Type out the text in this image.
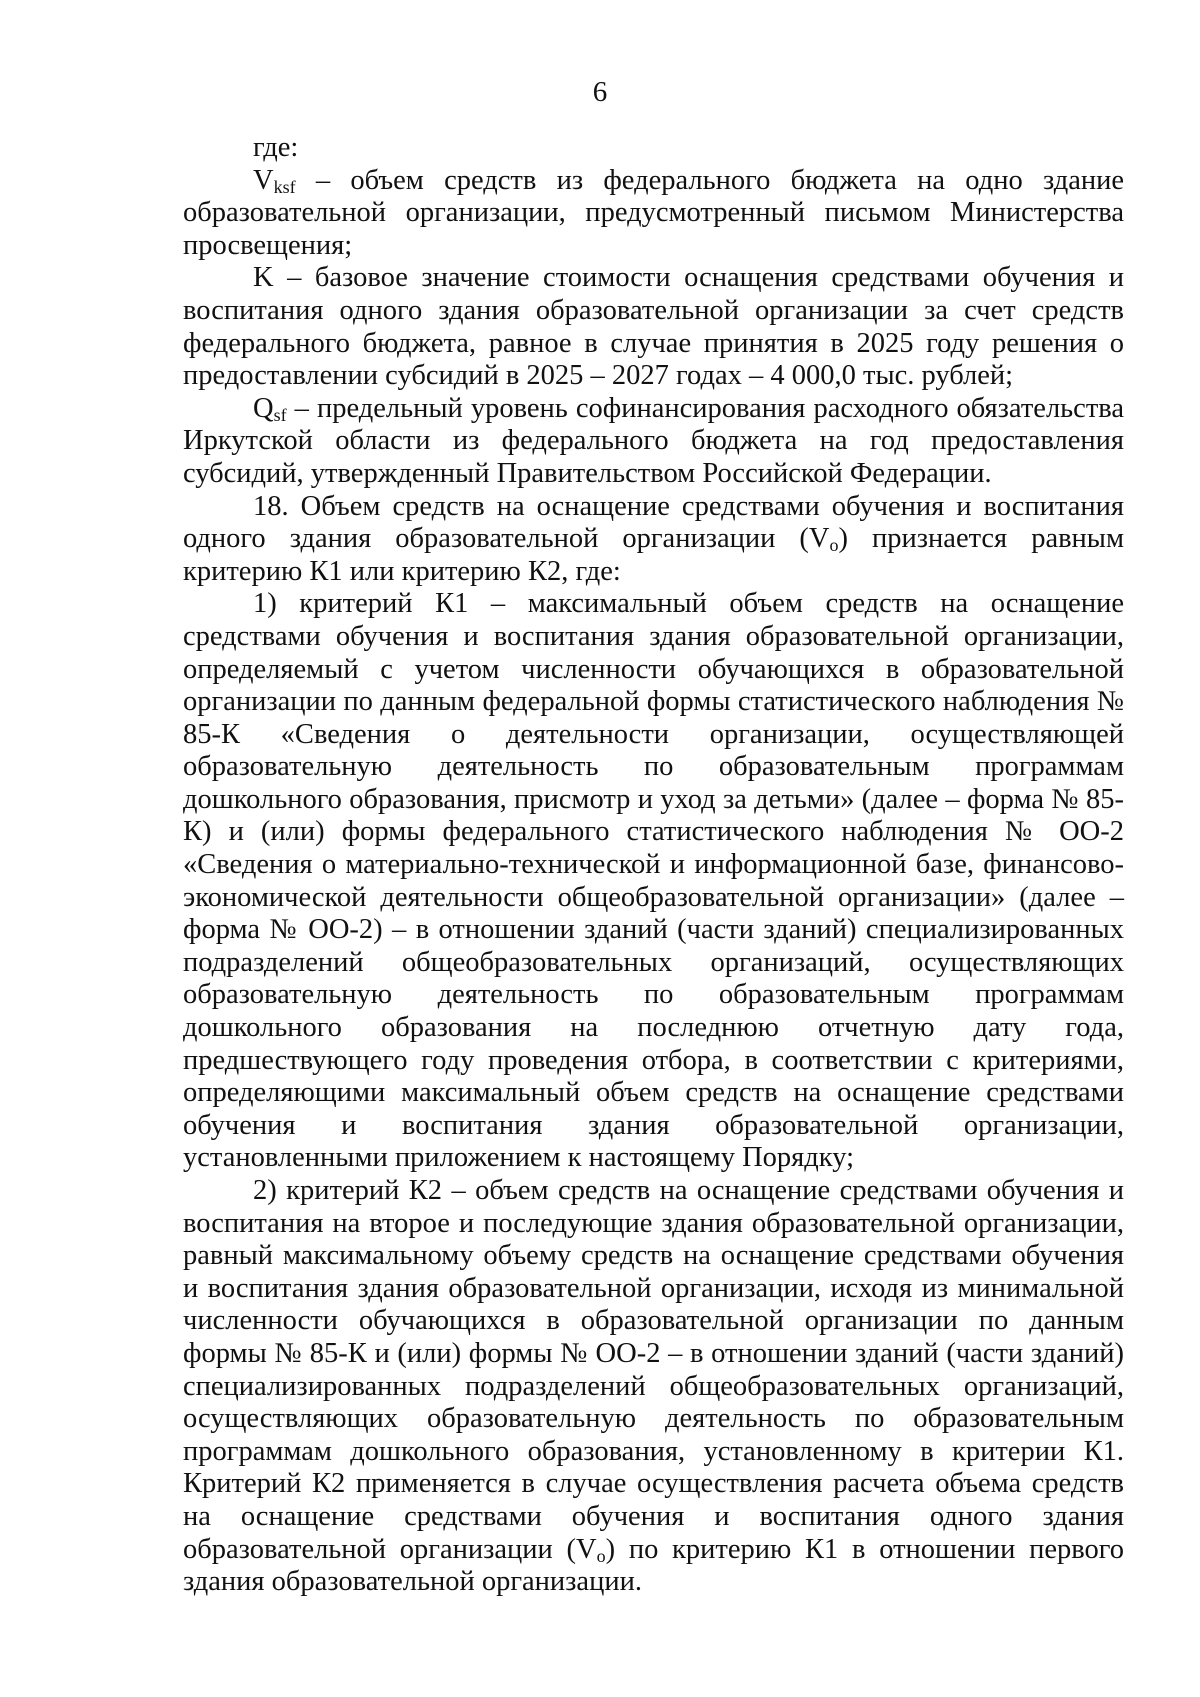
6

где:

$V_{ksf}$ – объем средств из федерального бюджета на одно здание образовательной организации, предусмотренный письмом Министерства просвещения;

K – базовое значение стоимости оснащения средствами обучения и воспитания одного здания образовательной организации за счет средств федерального бюджета, равное в случае принятия в 2025 году решения о предоставлении субсидий в 2025 – 2027 годах – 4 000,0 тыс. рублей;

$Q_{sf}$ – предельный уровень софинансирования расходного обязательства Иркутской области из федерального бюджета на год предоставления субсидий, утвержденный Правительством Российской Федерации.

18. Объем средств на оснащение средствами обучения и воспитания одного здания образовательной организации $(V_о)$ признается равным критерию К1 или критерию К2, где:

1) критерий К1 – максимальный объем средств на оснащение средствами обучения и воспитания здания образовательной организации, определяемый с учетом численности обучающихся в образовательной организации по данным федеральной формы статистического наблюдения № 85-К «Сведения о деятельности организации, осуществляющей образовательную деятельность по образовательным программам дошкольного образования, присмотр и уход за детьми» (далее – форма № 85-К) и (или) формы федерального статистического наблюдения № ОО-2 «Сведения о материально-технической и информационной базе, финансово-экономической деятельности общеобразовательной организации» (далее – форма № ОО-2) – в отношении зданий (части зданий) специализированных подразделений общеобразовательных организаций, осуществляющих образовательную деятельность по образовательным программам дошкольного образования на последнюю отчетную дату года, предшествующего году проведения отбора, в соответствии с критериями, определяющими максимальный объем средств на оснащение средствами обучения и воспитания здания образовательной организации, установленными приложением к настоящему Порядку;

2) критерий К2 – объем средств на оснащение средствами обучения и воспитания на второе и последующие здания образовательной организации, равный максимальному объему средств на оснащение средствами обучения и воспитания здания образовательной организации, исходя из минимальной численности обучающихся в образовательной организации по данным формы № 85-К и (или) формы № ОО-2 – в отношении зданий (части зданий) специализированных подразделений общеобразовательных организаций, осуществляющих образовательную деятельность по образовательным программам дошкольного образования, установленному в критерии К1. Критерий К2 применяется в случае осуществления расчета объема средств на оснащение средствами обучения и воспитания одного здания образовательной организации $(V_о)$ по критерию К1 в отношении первого здания образовательной организации.
